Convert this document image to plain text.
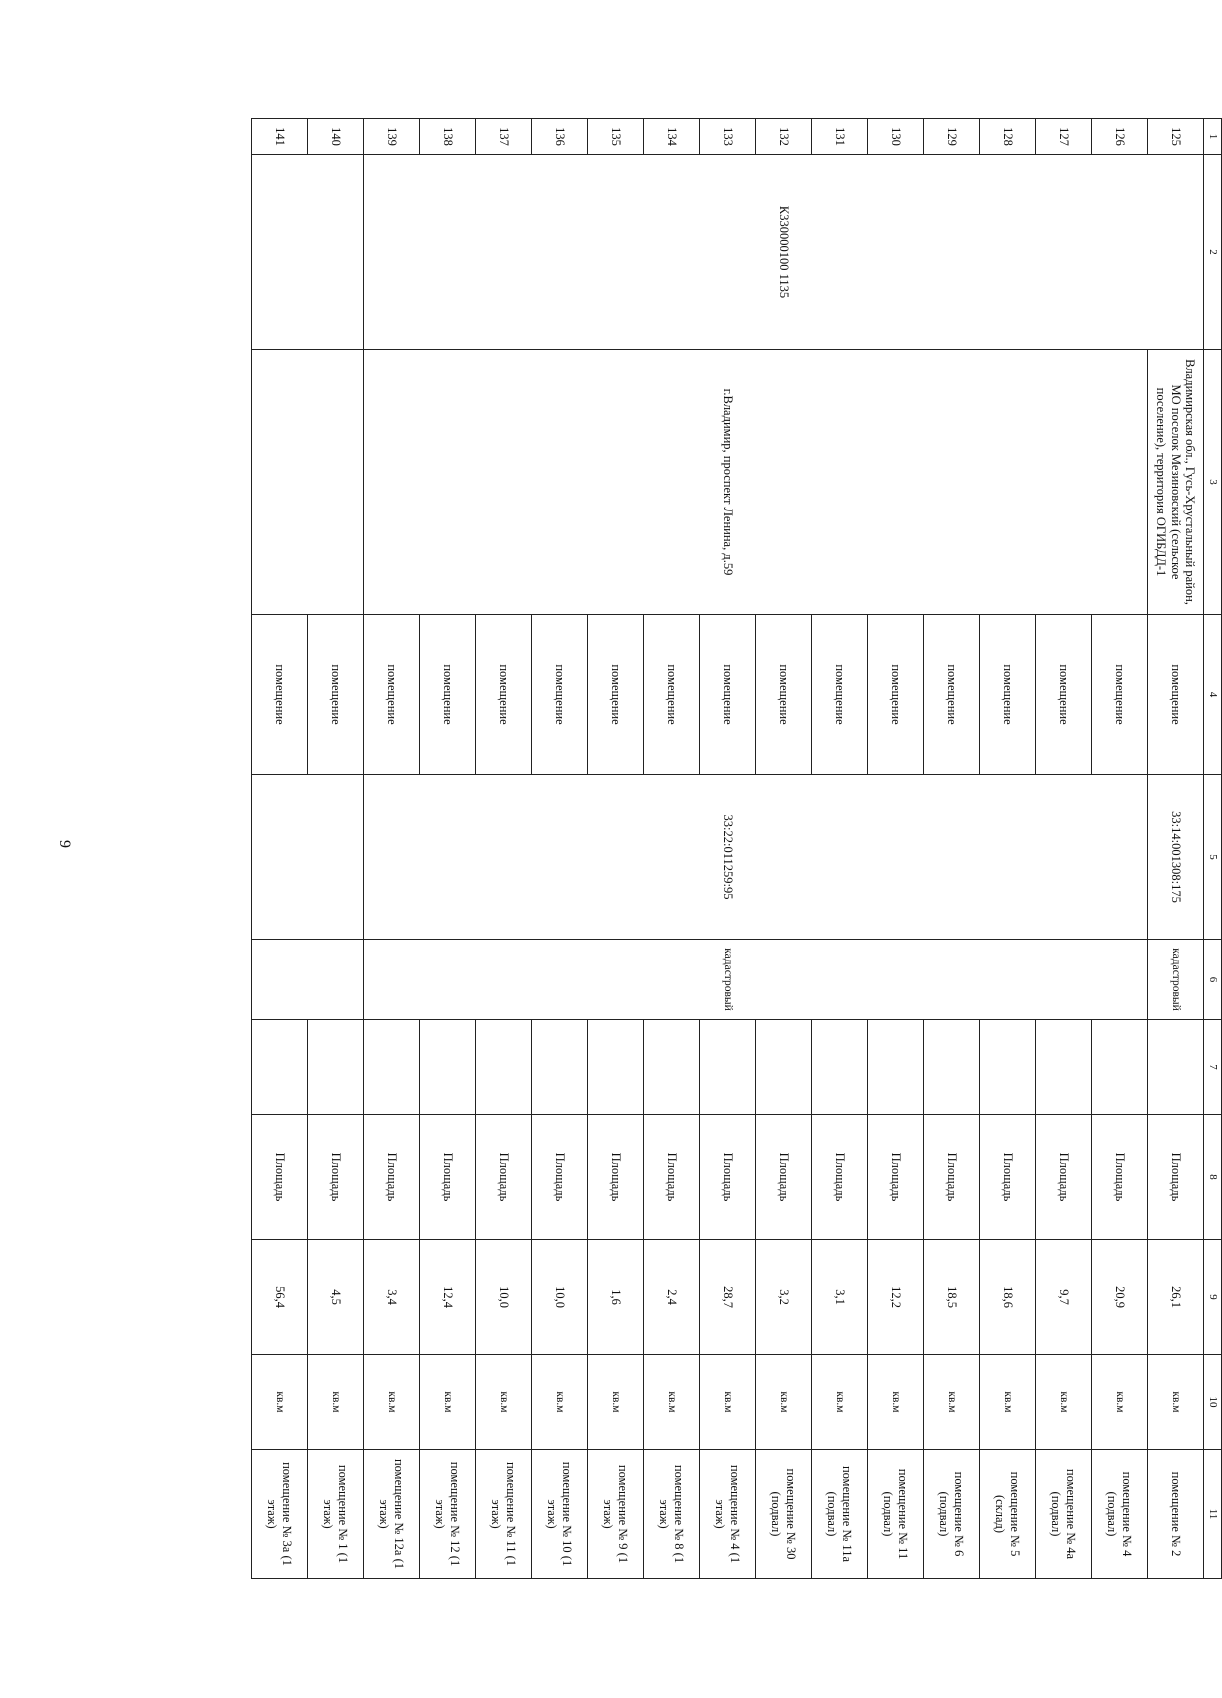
9
1	2	3	4	5	6	7	8	9	10	11
125	К330000100 1135	Владимирская обл., Гусь-Хрустальный район, МО поселок Мезиновский (сельское поселение), территория ОГИБДД-1	помещение	33:14:001308:175	кадастровый		Площадь	26,1	кв.м	помещение № 2
126			помещение				Площадь	20,9	кв.м	помещение № 4 (подвал)
127			помещение				Площадь	9,7	кв.м	помещение № 4а (подвал)
128			помещение				Площадь	18,6	кв.м	помещение № 5 (склад)
129			помещение				Площадь	18,5	кв.м	помещение № 6 (подвал)
130			помещение				Площадь	12,2	кв.м	помещение № 11 (подвал)
131			помещение				Площадь	3,1	кв.м	помещение № 11а (подвал)
132			помещение				Площадь	3,2	кв.м	помещение № 30 (подвал)
133		г.Владимир, проспект Ленина, д.59	помещение	33:22:011259:95	кадастровый		Площадь	28,7	кв.м	помещение № 4 (1 этаж)
134			помещение				Площадь	2,4	кв.м	помещение № 8 (1 этаж)
135			помещение				Площадь	1,6	кв.м	помещение № 9 (1 этаж)
136			помещение				Площадь	10,0	кв.м	помещение № 10 (1 этаж)
137			помещение				Площадь	10,0	кв.м	помещение № 11 (1 этаж)
138			помещение				Площадь	12,4	кв.м	помещение № 12 (1 этаж)
139			помещение				Площадь	3,4	кв.м	помещение № 12а (1 этаж)
140			помещение				Площадь	4,5	кв.м	помещение № 1 (1 этаж)
141			помещение				Площадь	56,4	кв.м	помещение № 3а (1 этаж)
